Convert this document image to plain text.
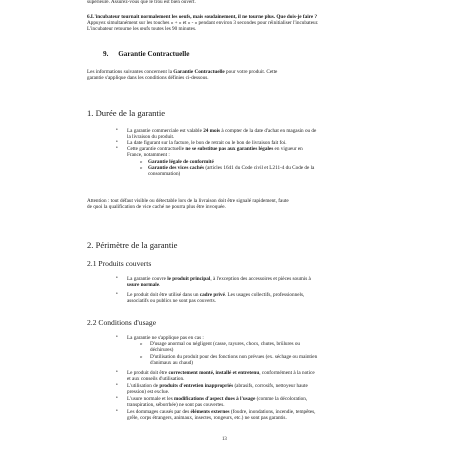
supérieure. Assurez-vous que le trou est bien ouvert.
6.L'incubateur tournait normalement les oeufs, mais soudainement, il ne tourne plus. Que dois-je faire ?
Appuyez simultanément sur les touches « + » et « - » pendant environ 3 secondes pour réinitialiser l'incubateur.
L'incubateur retourne les œufs toutes les 90 minutes.
9. Garantie Contractuelle
Les informations suivantes concernent la Garantie Contractuelle pour votre produit. Cette
garantie s'applique dans les conditions définies ci-dessous.
1. Durée de la garantie
• La garantie commerciale est valable 24 mois à compter de la date d'achat en magasin ou de
la livraison du produit.
• La date figurant sur la facture, le bon de retrait ou le bon de livraison fait foi.
• Cette garantie contractuelle ne se substitue pas aux garanties légales en vigueur en
France, notamment :
o Garantie légale de conformité
o Garantie des vices cachés (articles 1641 du Code civil et L211-4 du Code de la
consommation)
Attention : tout défaut visible ou détectable lors de la livraison doit être signalé rapidement, faute
de quoi la qualification de vice caché ne pourra plus être invoquée.
2. Périmètre de la garantie
2.1 Produits couverts
• La garantie couvre le produit principal, à l'exception des accessoires et pièces soumis à
usure normale.
• Le produit doit être utilisé dans un cadre privé. Les usages collectifs, professionnels,
associatifs ou publics ne sont pas couverts.
2.2 Conditions d'usage
• La garantie ne s'applique pas en cas :
o D'usage anormal ou négligent (casse, rayures, chocs, chutes, brûlures ou
déchirures)
o D'utilisation du produit pour des fonctions non prévues (ex. séchage ou maintien
d'animaux au chaud)
• Le produit doit être correctement monté, installé et entretenu, conformément à la notice
et aux conseils d'utilisation.
• L'utilisation de produits d'entretien inappropriés (abrasifs, corrosifs, nettoyeur haute
pression) est exclue.
• L'usure normale et les modifications d'aspect dues à l'usage (comme la décoloration,
transpiration, séborrhée) ne sont pas couvertes.
• Les dommages causés par des éléments externes (foudre, inondations, incendie, tempêtes,
grêle, corps étrangers, animaux, insectes, rongeurs, etc.) ne sont pas garantis.
13
